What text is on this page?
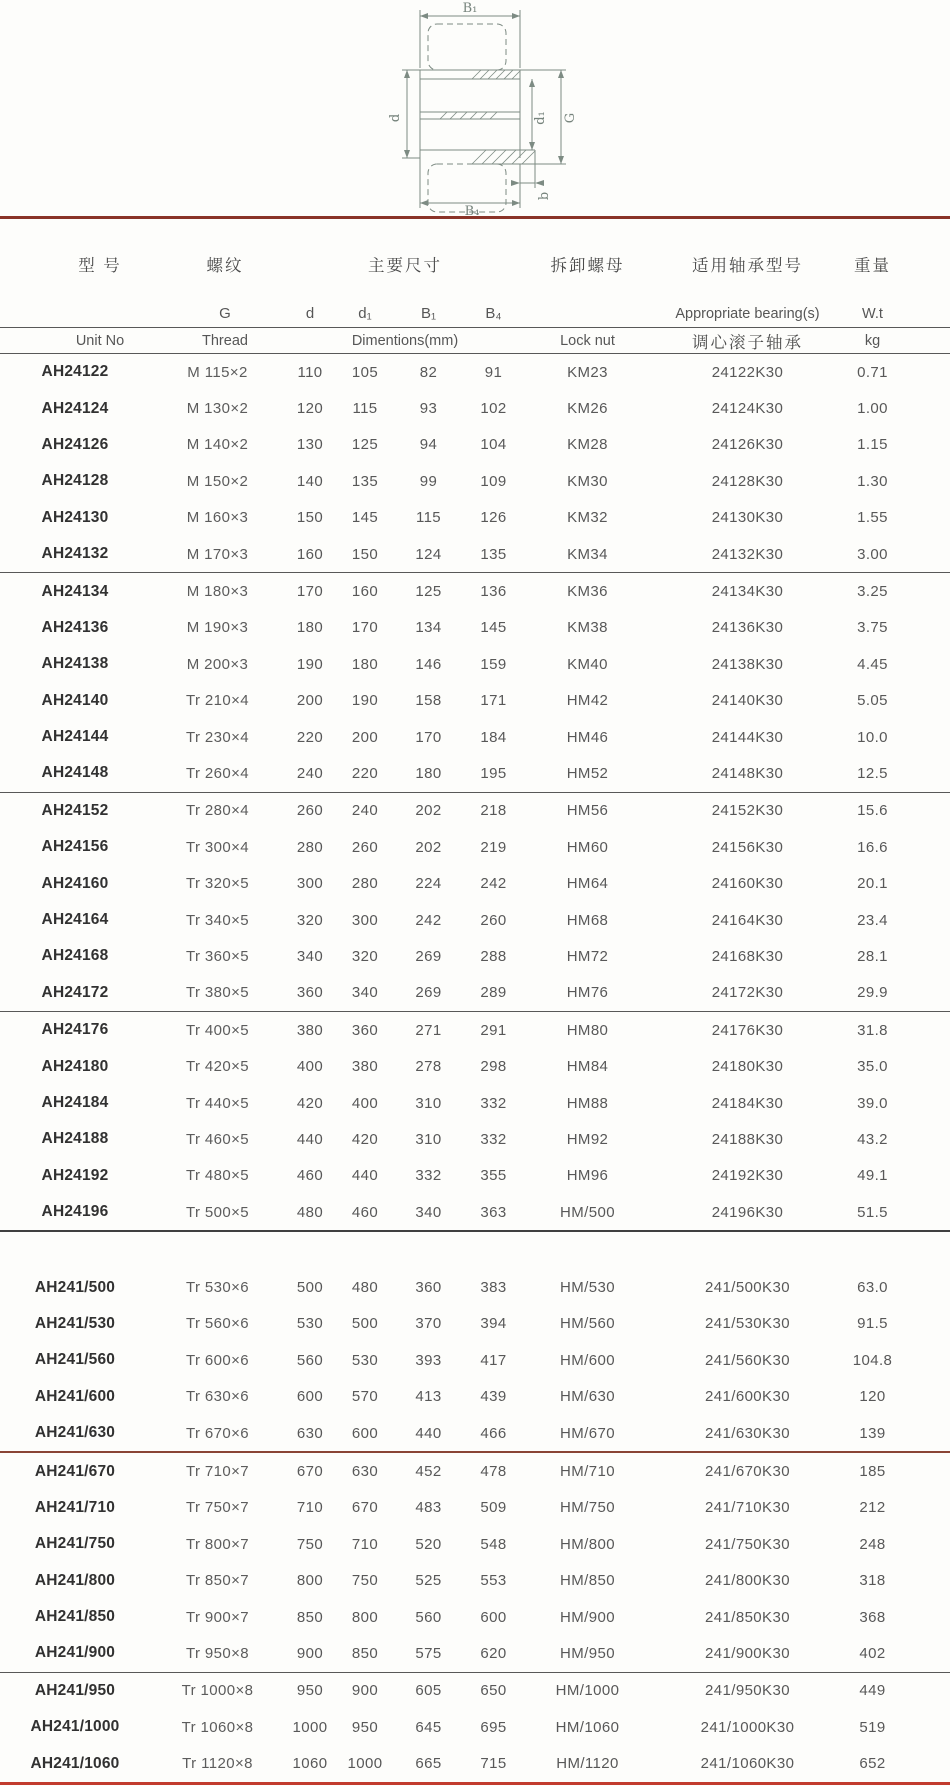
B₁
d	d₁ G
b
B₄
型 号	螺纹	主要尺寸	拆卸螺母	适用轴承型号	重量
G	d	d₁	B₁	B₄	Appropriate bearing(s)	W.t
Unit No	Thread	Dimentions(mm)	Lock nut	调心滚子轴承	kg
AH24122	M 115×2	110	105	82	91	KM23	24122K30	0.71
AH24124	M 130×2	120	115	93	102	KM26	24124K30	1.00
AH24126	M 140×2	130	125	94	104	KM28	24126K30	1.15
AH24128	M 150×2	140	135	99	109	KM30	24128K30	1.30
AH24130	M 160×3	150	145	115	126	KM32	24130K30	1.55
AH24132	M 170×3	160	150	124	135	KM34	24132K30	3.00
AH24134	M 180×3	170	160	125	136	KM36	24134K30	3.25
AH24136	M 190×3	180	170	134	145	KM38	24136K30	3.75
AH24138	M 200×3	190	180	146	159	KM40	24138K30	4.45
AH24140	Tr 210×4	200	190	158	171	HM42	24140K30	5.05
AH24144	Tr 230×4	220	200	170	184	HM46	24144K30	10.0
AH24148	Tr 260×4	240	220	180	195	HM52	24148K30	12.5
AH24152	Tr 280×4	260	240	202	218	HM56	24152K30	15.6
AH24156	Tr 300×4	280	260	202	219	HM60	24156K30	16.6
AH24160	Tr 320×5	300	280	224	242	HM64	24160K30	20.1
AH24164	Tr 340×5	320	300	242	260	HM68	24164K30	23.4
AH24168	Tr 360×5	340	320	269	288	HM72	24168K30	28.1
AH24172	Tr 380×5	360	340	269	289	HM76	24172K30	29.9
AH24176	Tr 400×5	380	360	271	291	HM80	24176K30	31.8
AH24180	Tr 420×5	400	380	278	298	HM84	24180K30	35.0
AH24184	Tr 440×5	420	400	310	332	HM88	24184K30	39.0
AH24188	Tr 460×5	440	420	310	332	HM92	24188K30	43.2
AH24192	Tr 480×5	460	440	332	355	HM96	24192K30	49.1
AH24196	Tr 500×5	480	460	340	363	HM/500	24196K30	51.5
AH241/500	Tr 530×6	500	480	360	383	HM/530	241/500K30	63.0
AH241/530	Tr 560×6	530	500	370	394	HM/560	241/530K30	91.5
AH241/560	Tr 600×6	560	530	393	417	HM/600	241/560K30	104.8
AH241/600	Tr 630×6	600	570	413	439	HM/630	241/600K30	120
AH241/630	Tr 670×6	630	600	440	466	HM/670	241/630K30	139
AH241/670	Tr 710×7	670	630	452	478	HM/710	241/670K30	185
AH241/710	Tr 750×7	710	670	483	509	HM/750	241/710K30	212
AH241/750	Tr 800×7	750	710	520	548	HM/800	241/750K30	248
AH241/800	Tr 850×7	800	750	525	553	HM/850	241/800K30	318
AH241/850	Tr 900×7	850	800	560	600	HM/900	241/850K30	368
AH241/900	Tr 950×8	900	850	575	620	HM/950	241/900K30	402
AH241/950	Tr 1000×8	950	900	605	650	HM/1000	241/950K30	449
AH241/1000	Tr 1060×8	1000	950	645	695	HM/1060	241/1000K30	519
AH241/1060	Tr 1120×8	1060	1000	665	715	HM/1120	241/1060K30	652
